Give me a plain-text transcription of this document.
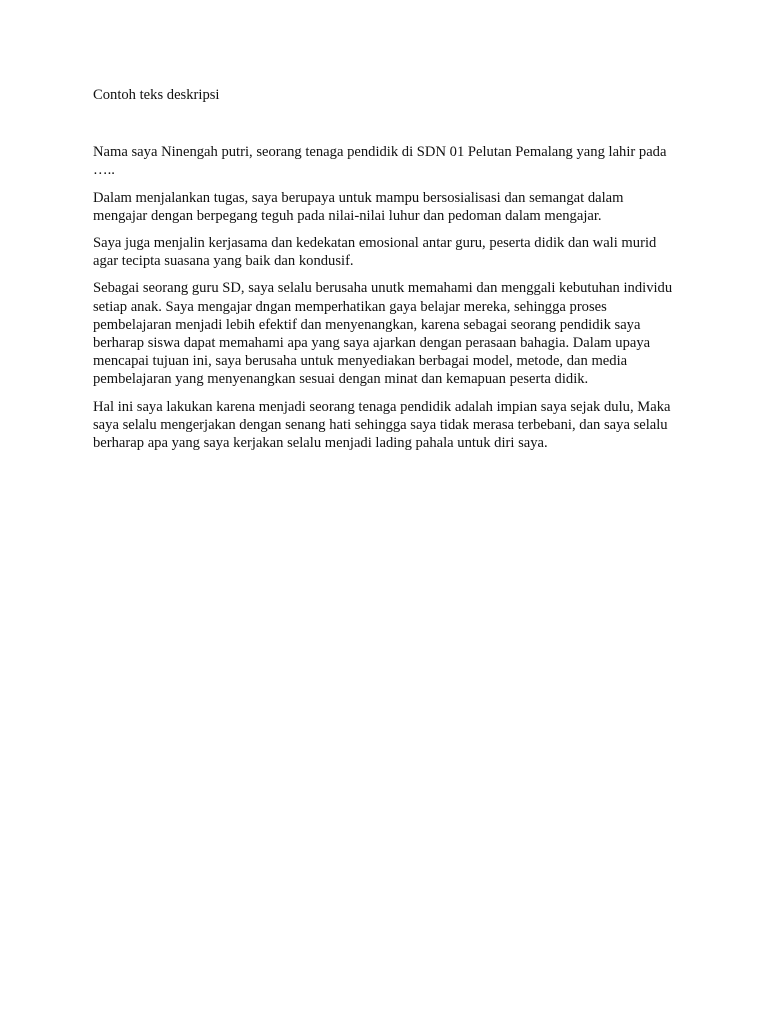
Contoh teks deskripsi

Nama saya Ninengah putri, seorang tenaga pendidik di SDN 01 Pelutan Pemalang yang lahir pada …..

Dalam menjalankan tugas, saya berupaya untuk mampu bersosialisasi dan semangat dalam mengajar dengan berpegang teguh pada nilai-nilai luhur dan pedoman dalam mengajar.

Saya juga menjalin kerjasama dan kedekatan emosional antar guru, peserta didik dan wali murid agar tecipta suasana yang baik dan kondusif.

Sebagai seorang guru SD, saya selalu berusaha unutk memahami dan menggali kebutuhan individu setiap anak. Saya mengajar dngan memperhatikan gaya belajar mereka, sehingga proses pembelajaran menjadi lebih efektif dan menyenangkan, karena sebagai seorang pendidik saya berharap siswa dapat memahami apa yang saya ajarkan dengan perasaan bahagia. Dalam upaya mencapai tujuan ini, saya berusaha untuk menyediakan berbagai model, metode, dan media pembelajaran yang menyenangkan sesuai dengan minat dan kemapuan peserta didik.

Hal ini saya lakukan karena menjadi seorang tenaga pendidik adalah impian saya sejak dulu, Maka saya selalu mengerjakan dengan senang hati sehingga saya tidak merasa terbebani, dan saya selalu berharap apa yang saya kerjakan selalu menjadi lading pahala untuk diri saya.
